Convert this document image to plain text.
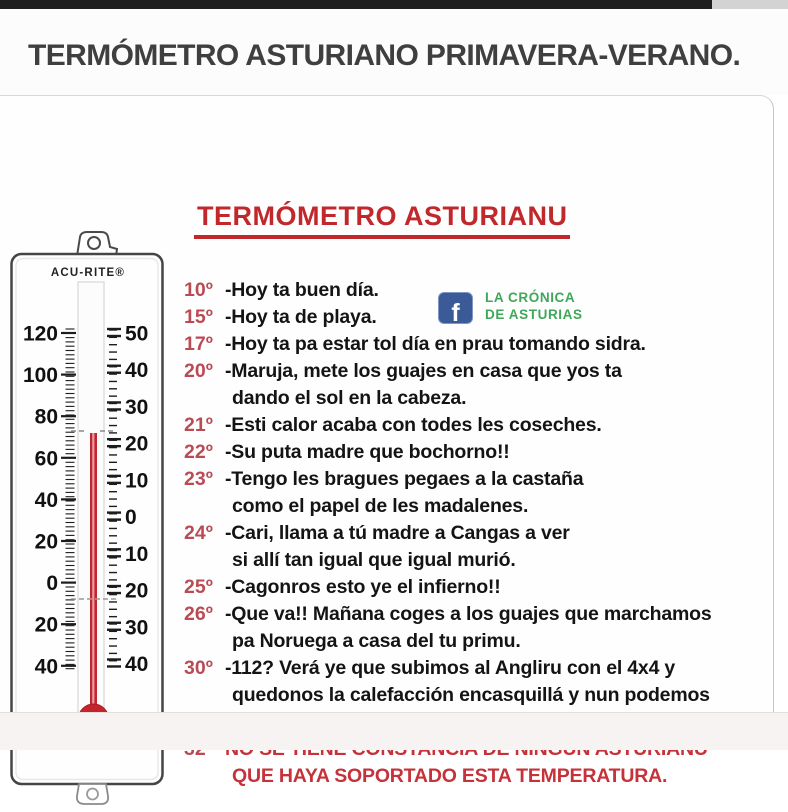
TERMÓMETRO ASTURIANO PRIMAVERA-VERANO.
TERMÓMETRO ASTURIANU
ACU-RITE®
120
100
80
60
40
20
0
20
40
50
40
30
20
10
0
10
20
30
40
f
LA CRÓNICA
DE ASTURIAS
10º -Hoy ta buen día.
15º -Hoy ta de playa.
17º -Hoy ta pa estar tol día en prau tomando sidra.
20º -Maruja, mete los guajes en casa que yos ta
dando el sol en la cabeza.
21º -Esti calor acaba con todes les coseches.
22º -Su puta madre que bochorno!!
23º -Tengo les bragues pegaes a la castaña
como el papel de les madalenes.
24º -Cari, llama a tú madre a Cangas a ver
si allí tan igual que igual murió.
25º -Cagonros esto ye el infierno!!
26º -Que va!! Mañana coges a los guajes que marchamos
pa Noruega a casa del tu primu.
30º -112? Verá ye que subimos al Angliru con el 4x4 y
quedonos la calefacción encasquillá y nun podemos
QUE HAYA SOPORTADO ESTA TEMPERATURA.
